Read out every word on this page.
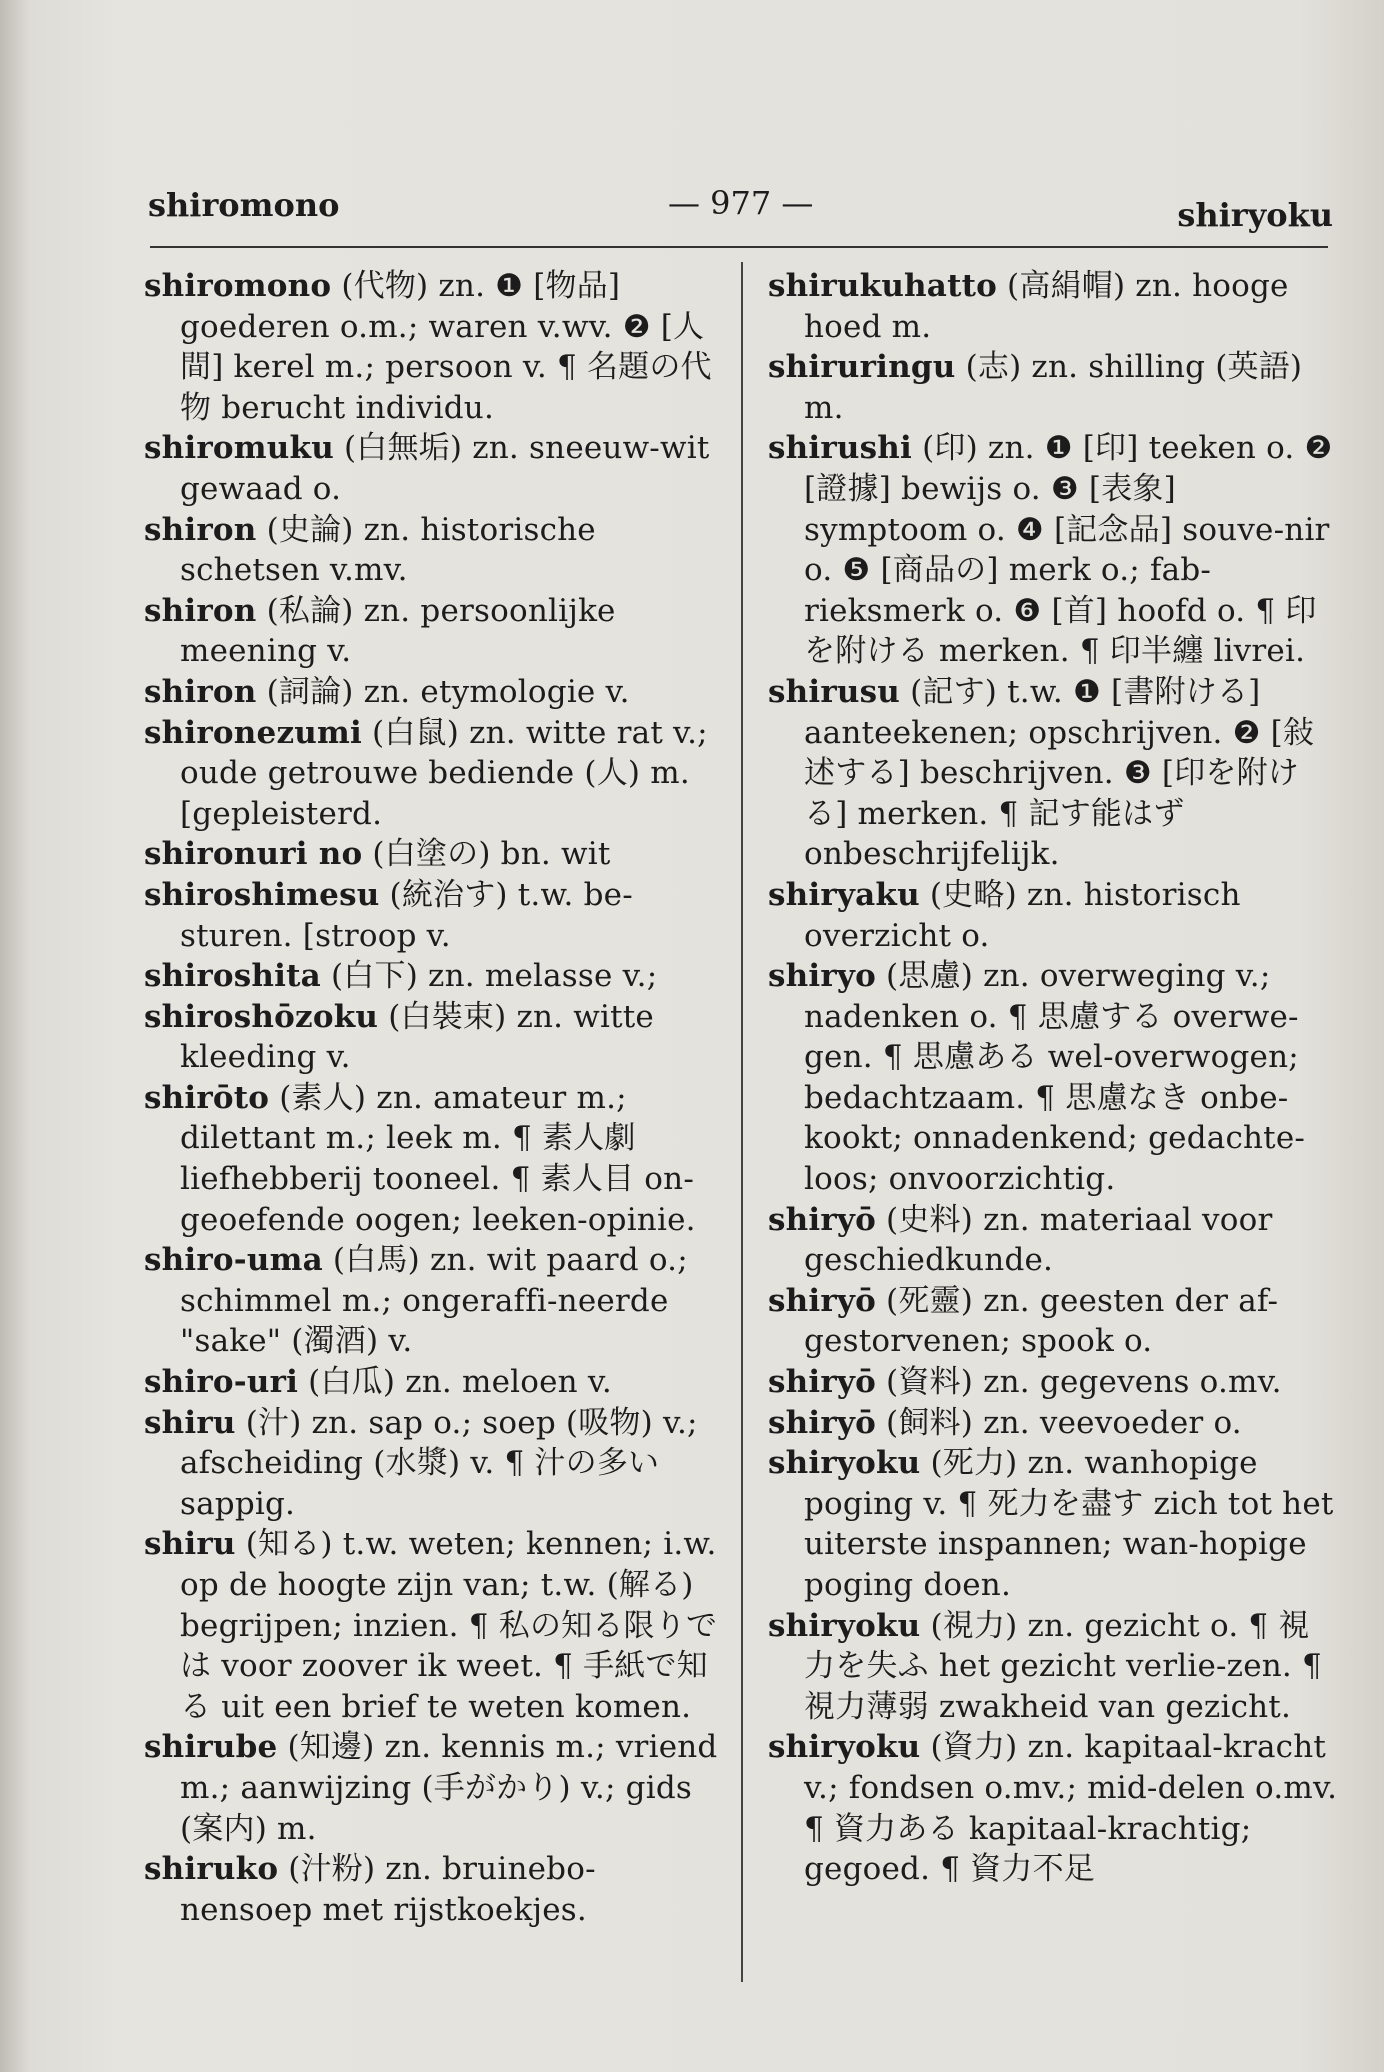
shiromono	— 977 —	shiryoku

shiromono (代物) zn. ❶ [物品] goederen o.m.; waren v.wv. ❷ [人間] kerel m.; persoon v. ¶ 名題の代物 berucht individu.

shiromuku (白無垢) zn. sneeuw-wit gewaad o.

shiron (史論) zn. historische schetsen v.mv.

shiron (私論) zn. persoonlijke meening v.

shiron (詞論) zn. etymologie v.

shironezumi (白鼠) zn. witte rat v.; oude getrouwe bediende (人) m. [gepleisterd.

shironuri no (白塗の) bn. wit

shiroshimesu (統治す) t.w. be-sturen. [stroop v.

shiroshita (白下) zn. melasse v.;

shiroshōzoku (白裝束) zn. witte kleeding v.

shirōto (素人) zn. amateur m.; dilettant m.; leek m. ¶ 素人劇 liefhebberij tooneel. ¶ 素人目 on-geoefende oogen; leeken-opinie.

shiro-uma (白馬) zn. wit paard o.; schimmel m.; ongeraffi-neerde "sake" (濁酒) v.

shiro-uri (白瓜) zn. meloen v.

shiru (汁) zn. sap o.; soep (吸物) v.; afscheiding (水漿) v. ¶ 汁の多い sappig.

shiru (知る) t.w. weten; kennen; i.w. op de hoogte zijn van; t.w. (解る) begrijpen; inzien. ¶ 私の知る限りでは voor zoover ik weet. ¶ 手紙で知る uit een brief te weten komen.

shirube (知邊) zn. kennis m.; vriend m.; aanwijzing (手がかり) v.; gids (案内) m.

shiruko (汁粉) zn. bruinebo-nensoep met rijstkoekjes.

shirukuhatto (高絹帽) zn. hooge hoed m.

shiruringu (志) zn. shilling (英語) m.

shirushi (印) zn. ❶ [印] teeken o. ❷ [證據] bewijs o. ❸ [表象] symptoom o. ❹ [記念品] souve-nir o. ❺ [商品の] merk o.; fab-rieksmerk o. ❻ [首] hoofd o. ¶ 印を附ける merken. ¶ 印半纏 livrei.

shirusu (記す) t.w. ❶ [書附ける] aanteekenen; opschrijven. ❷ [敍述する] beschrijven. ❸ [印を附ける] merken. ¶ 記す能はず onbeschrijfelijk.

shiryaku (史略) zn. historisch overzicht o.

shiryo (思慮) zn. overweging v.; nadenken o. ¶ 思慮する overwe-gen. ¶ 思慮ある wel-overwogen; bedachtzaam. ¶ 思慮なき onbe-kookt; onnadenkend; gedachte-loos; onvoorzichtig.

shiryō (史料) zn. materiaal voor geschiedkunde.

shiryō (死靈) zn. geesten der af-gestorvenen; spook o.

shiryō (資料) zn. gegevens o.mv.

shiryō (飼料) zn. veevoeder o.

shiryoku (死力) zn. wanhopige poging v. ¶ 死力を盡す zich tot het uiterste inspannen; wan-hopige poging doen.

shiryoku (視力) zn. gezicht o. ¶ 視力を失ふ het gezicht verlie-zen. ¶ 視力薄弱 zwakheid van gezicht.

shiryoku (資力) zn. kapitaal-kracht v.; fondsen o.mv.; mid-delen o.mv. ¶ 資力ある kapitaal-krachtig; gegoed. ¶ 資力不足
